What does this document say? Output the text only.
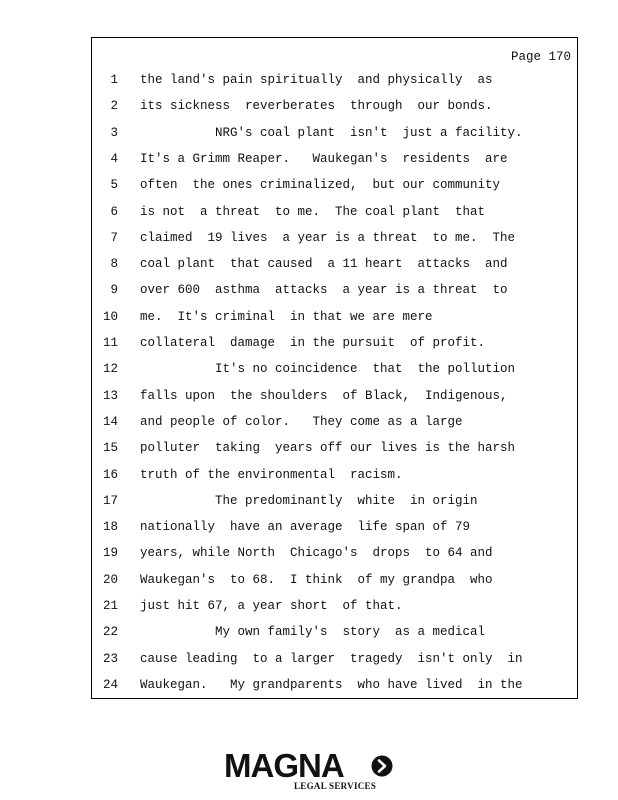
Page 170
1 the land's pain spiritually  and physically  as
2 its sickness  reverberates  through  our bonds.
3 NRG's coal plant  isn't  just a facility.
4 It's a Grimm Reaper.   Waukegan's  residents  are
5 often  the ones criminalized,  but our community
6 is not  a threat  to me.  The coal plant  that
7 claimed  19 lives  a year is a threat  to me.  The
8 coal plant  that caused  a 11 heart  attacks  and
9 over 600  asthma  attacks  a year is a threat  to
10 me.  It's criminal  in that we are mere
11 collateral  damage  in the pursuit  of profit.
12 It's no coincidence  that  the pollution
13 falls upon  the shoulders  of Black,  Indigenous,
14 and people of color.   They come as a large
15 polluter  taking  years off our lives is the harsh
16 truth of the environmental  racism.
17 The predominantly  white  in origin
18 nationally  have an average  life span of 79
19 years, while North  Chicago's  drops  to 64 and
20 Waukegan's  to 68.  I think  of my grandpa  who
21 just hit 67, a year short  of that.
22 My own family's  story  as a medical
23 cause leading  to a larger  tragedy  isn't only  in
24 Waukegan.   My grandparents  who have lived  in the
MAGNA
LEGAL SERVICES
